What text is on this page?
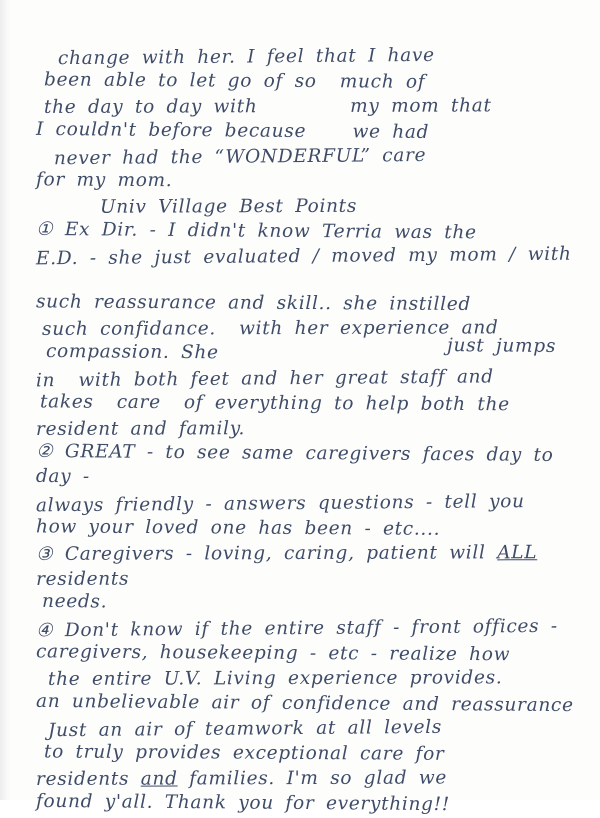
change with her. I feel that I have
been able to let go of so  much of
the day to day with        my mom that
I couldn't before because    we had
never had the “WONDERFUL” care
for my mom.
Univ Village Best Points
① Ex Dir. - I didn't know Terria was the
E.D. - she just evaluated / moved my mom / with
such reassurance and skill.. she instilled
such confidance.  with her experience and
compassion. She	just jumps
in  with both feet and her great staff and
takes  care  of everything to help both the
resident and family.
② GREAT - to see same caregivers faces day to day -
always friendly - answers questions - tell you
how your loved one has been - etc....
③ Caregivers - loving, caring, patient will ALL residents
needs.
④ Don't know if the entire staff - front offices -
caregivers, housekeeping - etc - realize how
the entire U.V. Living experience provides.
an unbelievable air of confidence and reassurance
Just an air of teamwork at all levels
to truly provides exceptional care for
residents and families. I'm so glad we
found y'all. Thank you for everything!!
